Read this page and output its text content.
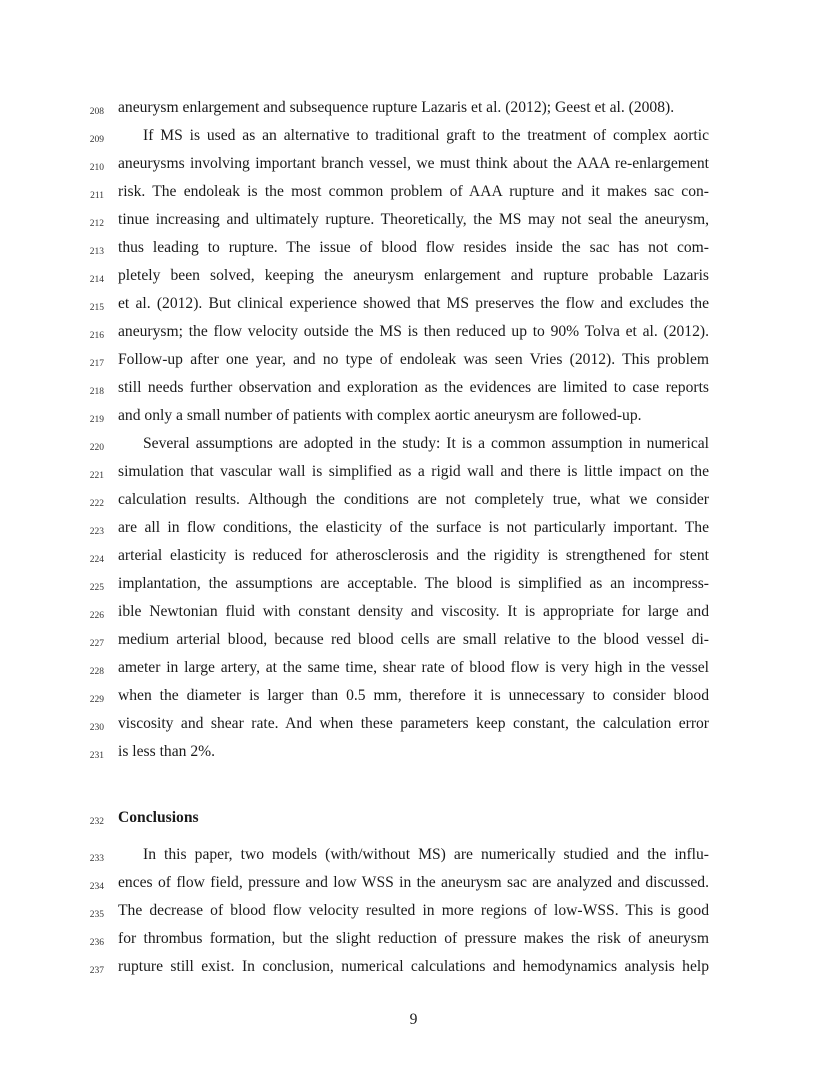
208 aneurysm enlargement and subsequence rupture Lazaris et al. (2012); Geest et al. (2008).
209	If MS is used as an alternative to traditional graft to the treatment of complex aortic
210 aneurysms involving important branch vessel, we must think about the AAA re-enlargement
211 risk. The endoleak is the most common problem of AAA rupture and it makes sac con-
212 tinue increasing and ultimately rupture. Theoretically, the MS may not seal the aneurysm,
213 thus leading to rupture. The issue of blood flow resides inside the sac has not com-
214 pletely been solved, keeping the aneurysm enlargement and rupture probable Lazaris
215 et al. (2012). But clinical experience showed that MS preserves the flow and excludes the
216 aneurysm; the flow velocity outside the MS is then reduced up to 90% Tolva et al. (2012).
217 Follow-up after one year, and no type of endoleak was seen Vries (2012). This problem
218 still needs further observation and exploration as the evidences are limited to case reports
219 and only a small number of patients with complex aortic aneurysm are followed-up.
220	Several assumptions are adopted in the study: It is a common assumption in numerical
221 simulation that vascular wall is simplified as a rigid wall and there is little impact on the
222 calculation results. Although the conditions are not completely true, what we consider
223 are all in flow conditions, the elasticity of the surface is not particularly important. The
224 arterial elasticity is reduced for atherosclerosis and the rigidity is strengthened for stent
225 implantation, the assumptions are acceptable. The blood is simplified as an incompress-
226 ible Newtonian fluid with constant density and viscosity. It is appropriate for large and
227 medium arterial blood, because red blood cells are small relative to the blood vessel di-
228 ameter in large artery, at the same time, shear rate of blood flow is very high in the vessel
229 when the diameter is larger than 0.5 mm, therefore it is unnecessary to consider blood
230 viscosity and shear rate. And when these parameters keep constant, the calculation error
231 is less than 2%.
232 Conclusions
233	In this paper, two models (with/without MS) are numerically studied and the influ-
234 ences of flow field, pressure and low WSS in the aneurysm sac are analyzed and discussed.
235 The decrease of blood flow velocity resulted in more regions of low-WSS. This is good
236 for thrombus formation, but the slight reduction of pressure makes the risk of aneurysm
237 rupture still exist. In conclusion, numerical calculations and hemodynamics analysis help
9
